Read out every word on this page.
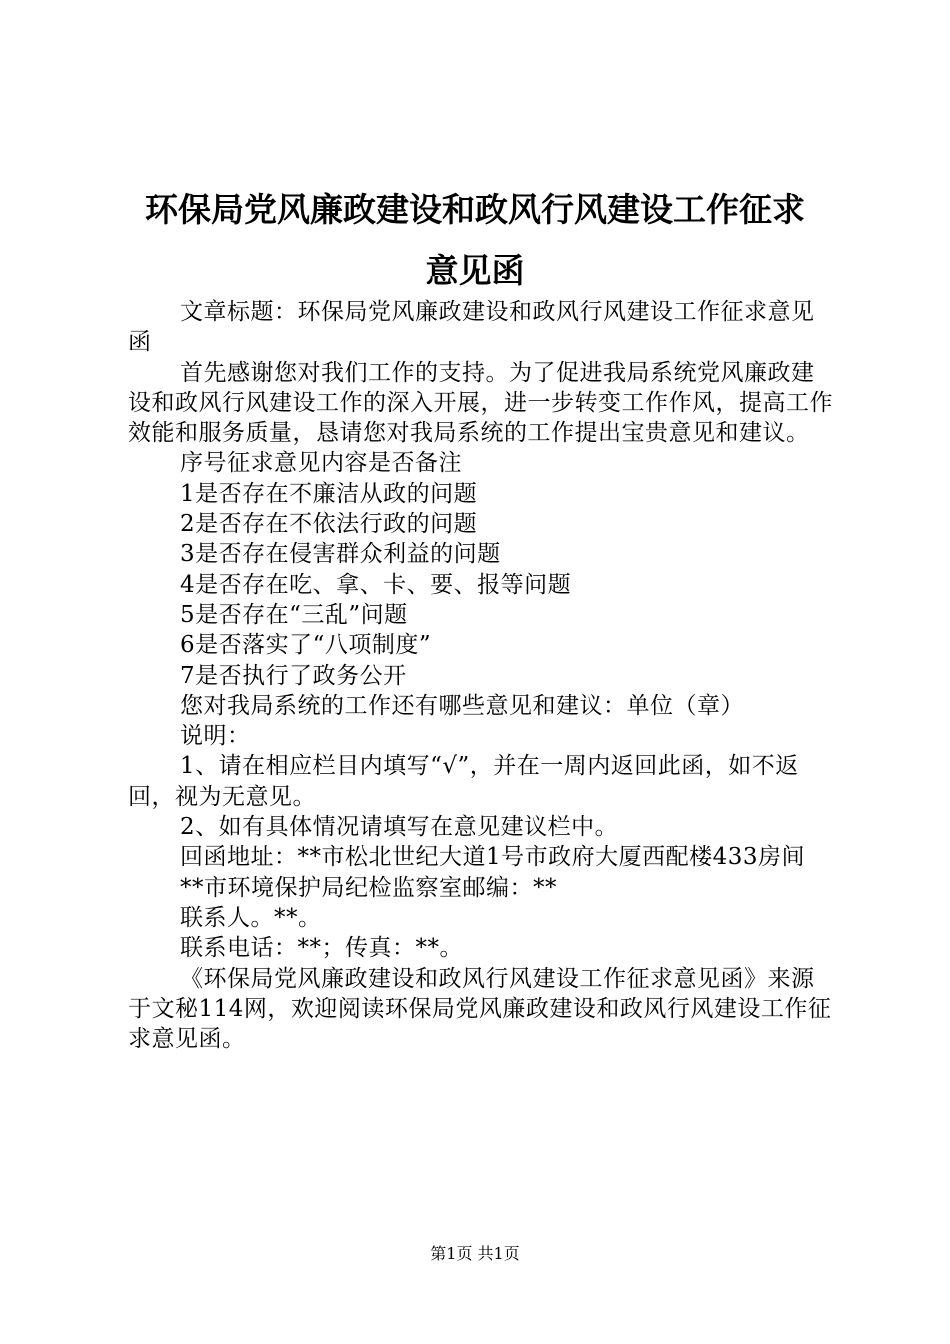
环保局党风廉政建设和政风行风建设工作征求
意见函

文章标题：环保局党风廉政建设和政风行风建设工作征求意见函

首先感谢您对我们工作的支持。为了促进我局系统党风廉政建设和政风行风建设工作的深入开展，进一步转变工作作风，提高工作效能和服务质量，恳请您对我局系统的工作提出宝贵意见和建议。

序号征求意见内容是否备注

1是否存在不廉洁从政的问题

2是否存在不依法行政的问题

3是否存在侵害群众利益的问题

4是否存在吃、拿、卡、要、报等问题

5是否存在“三乱”问题

6是否落实了“八项制度”

7是否执行了政务公开

您对我局系统的工作还有哪些意见和建议：单位（章）

说明：

1、请在相应栏目内填写“√”，并在一周内返回此函，如不返回，视为无意见。

2、如有具体情况请填写在意见建议栏中。

回函地址：**市松北世纪大道1号市政府大厦西配楼433房间

**市环境保护局纪检监察室邮编：**

联系人。**。

联系电话：**；传真：**。

《环保局党风廉政建设和政风行风建设工作征求意见函》来源于文秘114网，欢迎阅读环保局党风廉政建设和政风行风建设工作征求意见函。

第1页 共1页
